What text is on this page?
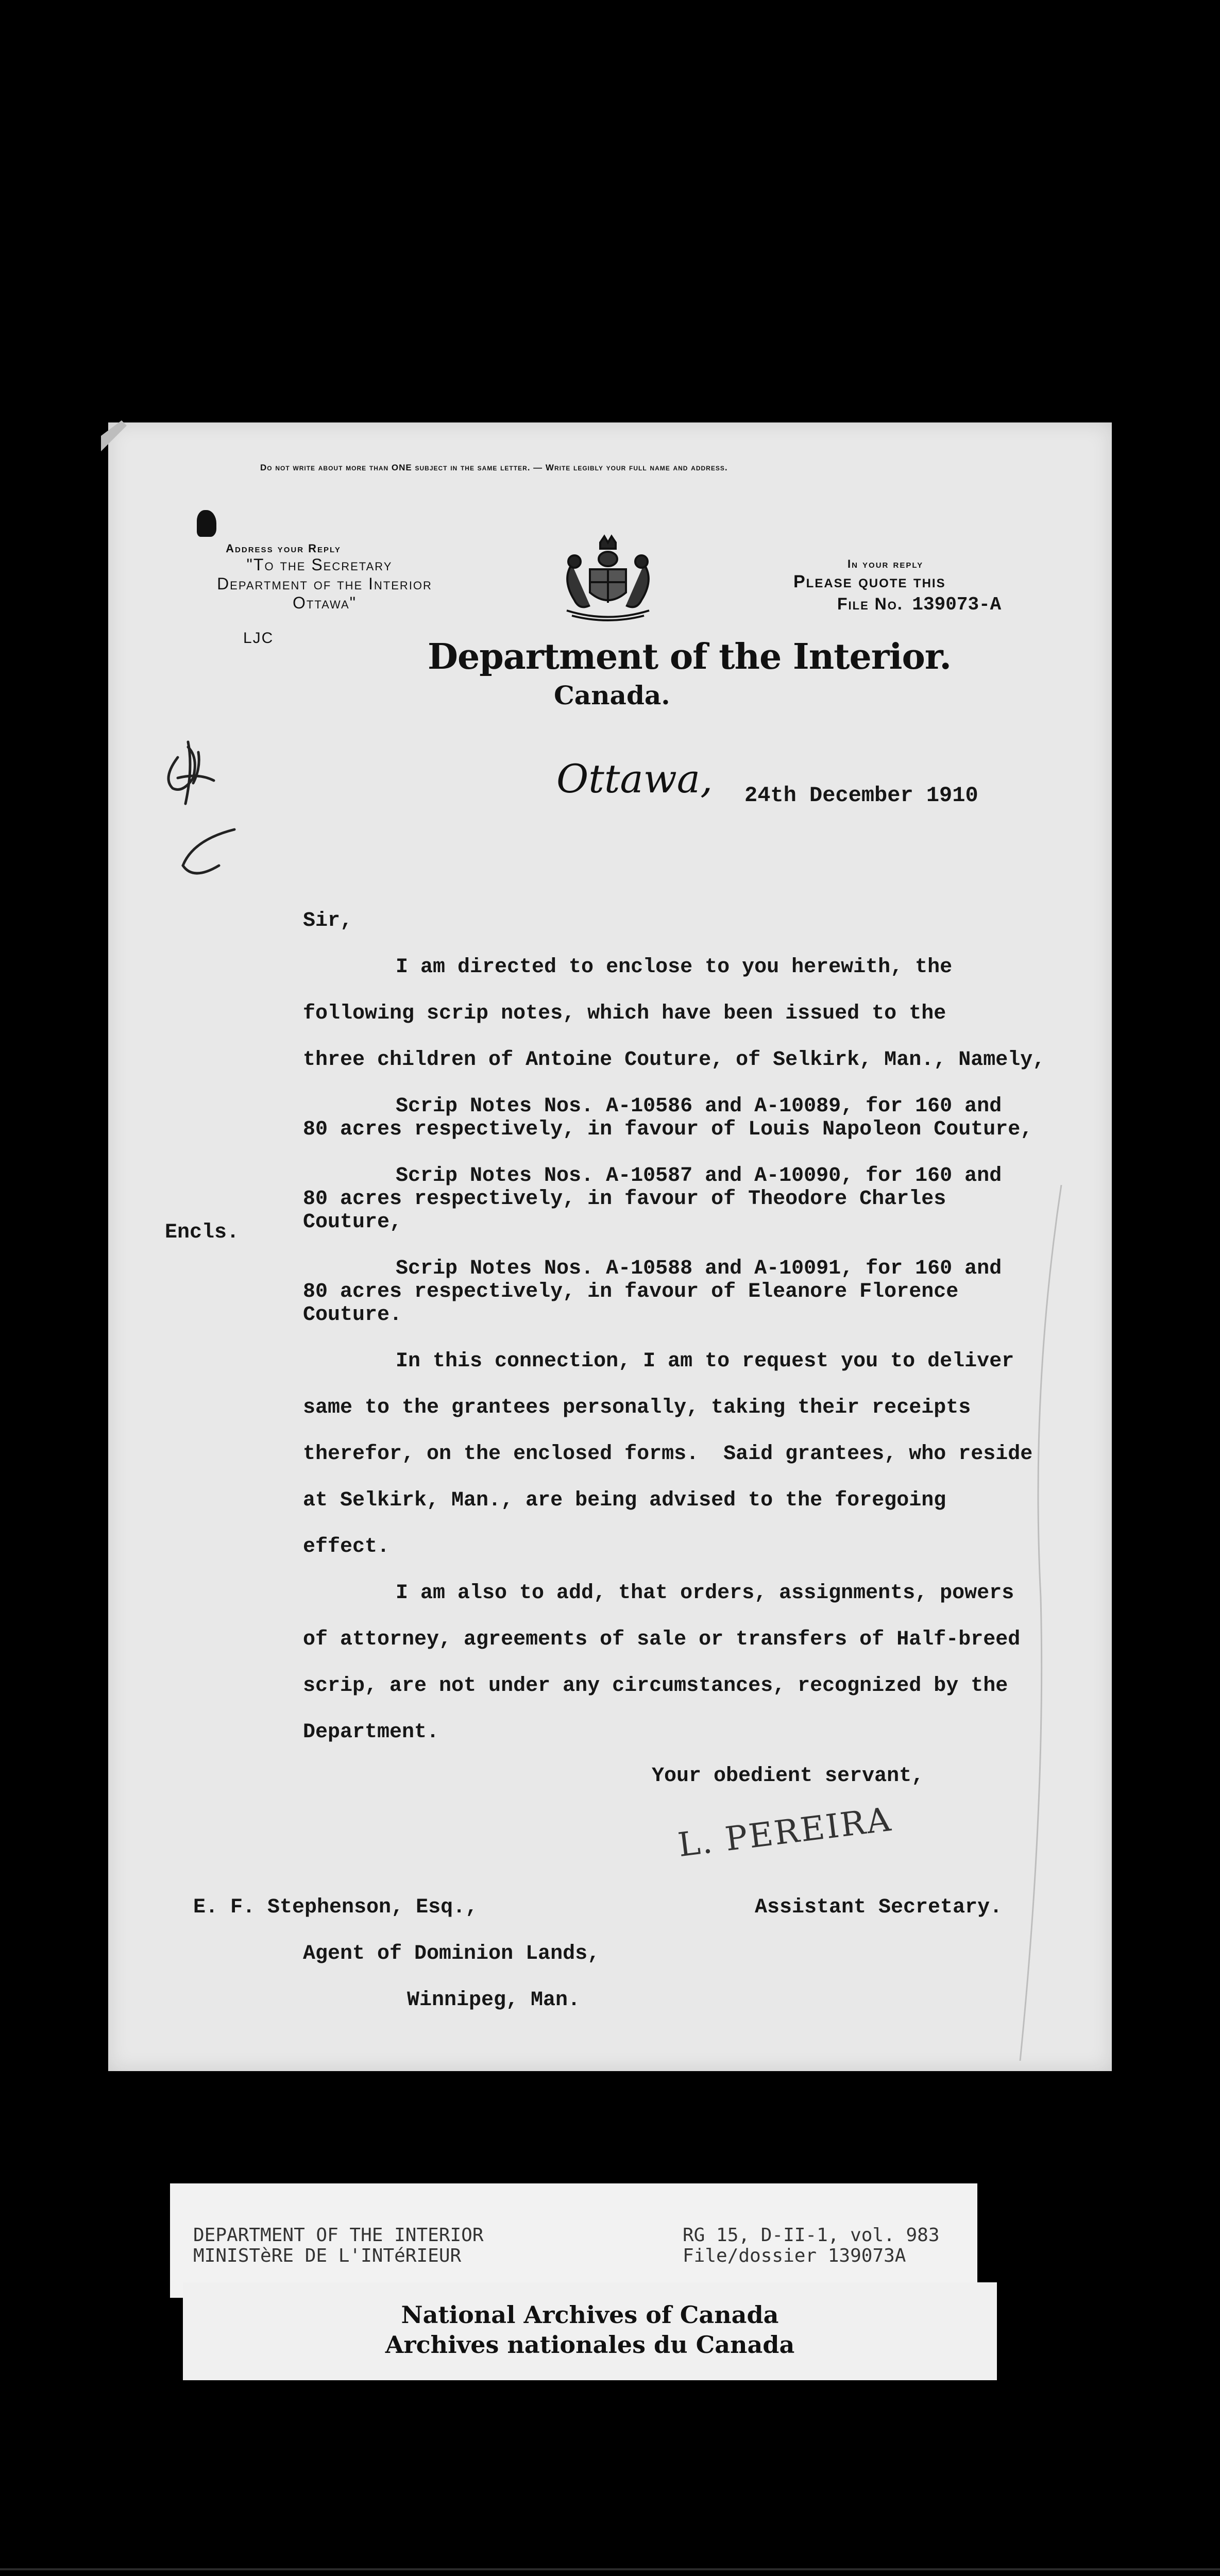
Do not write about more than ONE subject in the same letter. — Write legibly your full name and address.
Address your Reply
"To the Secretary
Department of the Interior
Ottawa"
LJC
In your reply
Please quote this
File No. 139073-A
Department of the Interior.
Canada.
Ottawa, 24th December 1910
Sir,
I am directed to enclose to you herewith, the
following scrip notes, which have been issued to the
three children of Antoine Couture, of Selkirk, Man., Namely,
Scrip Notes Nos. A-10586 and A-10089, for 160 and
80 acres respectively, in favour of Louis Napoleon Couture,
Scrip Notes Nos. A-10587 and A-10090, for 160 and
80 acres respectively, in favour of Theodore Charles
Couture,
Encls.
Scrip Notes Nos. A-10588 and A-10091, for 160 and
80 acres respectively, in favour of Eleanore Florence
Couture.
In this connection, I am to request you to deliver
same to the grantees personally, taking their receipts
therefor, on the enclosed forms.  Said grantees, who reside
at Selkirk, Man., are being advised to the foregoing
effect.
I am also to add, that orders, assignments, powers
of attorney, agreements of sale or transfers of Half-breed
scrip, are not under any circumstances, recognized by the
Department.
Your obedient servant,
L. PEREIRA
Assistant Secretary.
E. F. Stephenson, Esq.,
Agent of Dominion Lands,
Winnipeg, Man.
DEPARTMENT OF THE INTERIOR
MINISTèRE DE L'INTéRIEUR
RG 15, D-II-1, vol. 983
File/dossier 139073A
National Archives of Canada
Archives nationales du Canada
